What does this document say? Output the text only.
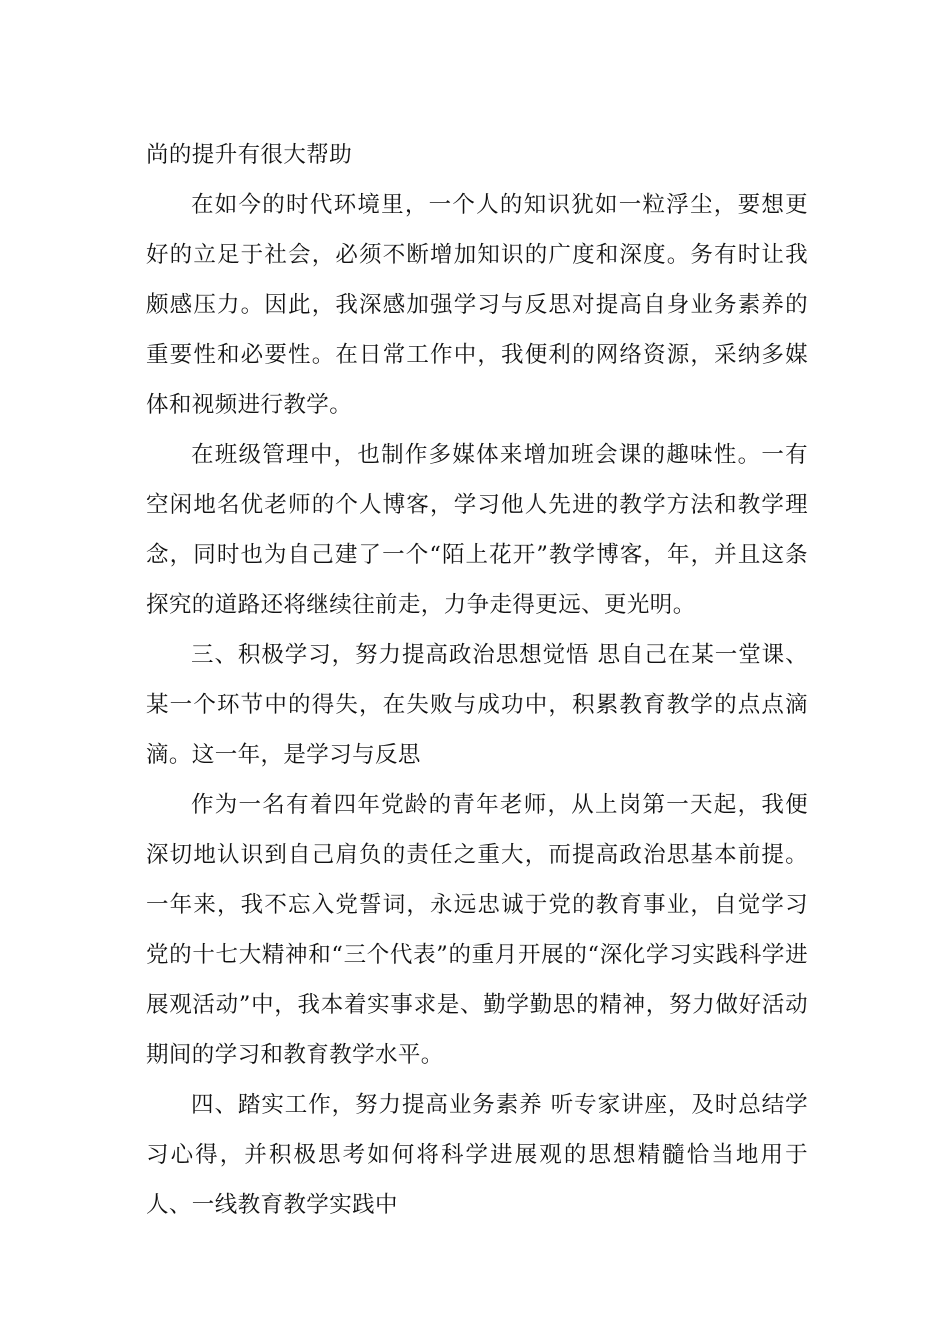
尚的提升有很大帮助

在如今的时代环境里，一个人的知识犹如一粒浮尘，要想更好的立足于社会，必须不断增加知识的广度和深度。务有时让我颇感压力。因此，我深感加强学习与反思对提高自身业务素养的重要性和必要性。在日常工作中，我便利的网络资源，采纳多媒体和视频进行教学。

在班级管理中，也制作多媒体来增加班会课的趣味性。一有空闲地名优老师的个人博客，学习他人先进的教学方法和教学理念，同时也为自己建了一个“陌上花开”教学博客，年，并且这条探究的道路还将继续往前走，力争走得更远、更光明。

三、积极学习，努力提高政治思想觉悟 思自己在某一堂课、某一个环节中的得失，在失败与成功中，积累教育教学的点点滴滴。这一年，是学习与反思

作为一名有着四年党龄的青年老师，从上岗第一天起，我便深切地认识到自己肩负的责任之重大，而提高政治思基本前提。一年来，我不忘入党誓词，永远忠诚于党的教育事业，自觉学习党的十七大精神和“三个代表”的重月开展的“深化学习实践科学进展观活动”中，我本着实事求是、勤学勤思的精神，努力做好活动期间的学习和教育教学水平。

四、踏实工作，努力提高业务素养 听专家讲座，及时总结学习心得，并积极思考如何将科学进展观的思想精髓恰当地用于人、一线教育教学实践中
